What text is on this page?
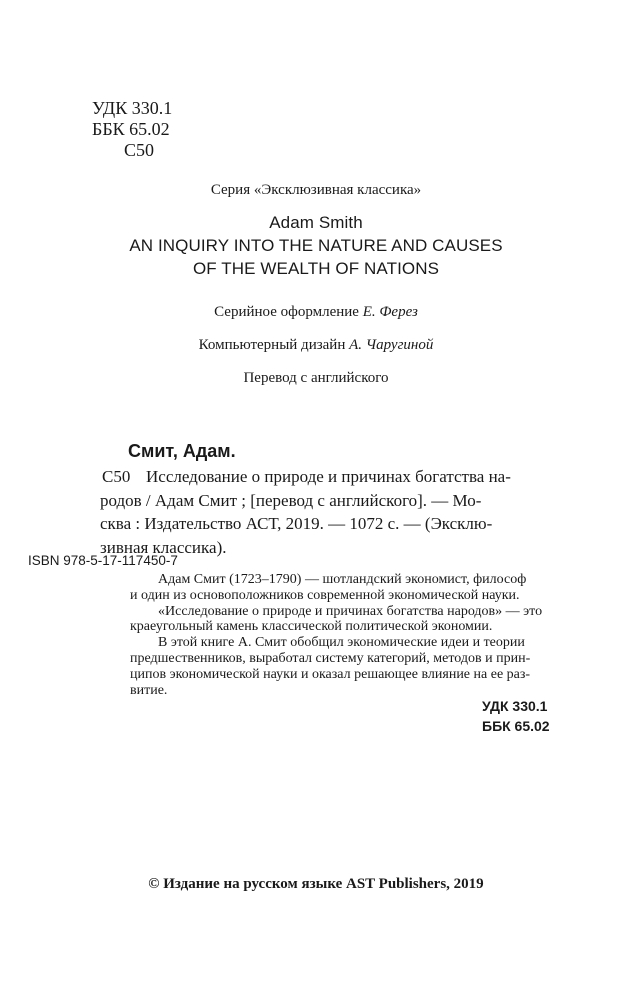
УДК 330.1
ББК 65.02
С50
Серия «Эксклюзивная классика»
Adam Smith
AN INQUIRY INTO THE NATURE AND CAUSES
OF THE WEALTH OF NATIONS
Серийное оформление Е. Ферез
Компьютерный дизайн А. Чаругиной
Перевод с английского
Смит, Адам.
С50 Исследование о природе и причинах богатства на-
родов / Адам Смит ; [перевод с английского]. — Мо-
сква : Издательство АСТ, 2019. — 1072 с. — (Эксклю-
зивная классика).
ISBN 978-5-17-117450-7
Адам Смит (1723–1790) — шотландский экономист, философ
и один из основоположников современной экономической науки.
«Исследование о природе и причинах богатства народов» — это
краеугольный камень классической политической экономии.
В этой книге А. Смит обобщил экономические идеи и теории
предшественников, выработал систему категорий, методов и прин-
ципов экономической науки и оказал решающее влияние на ее раз-
витие.
УДК 330.1
ББК 65.02
© Издание на русском языке AST Publishers, 2019
